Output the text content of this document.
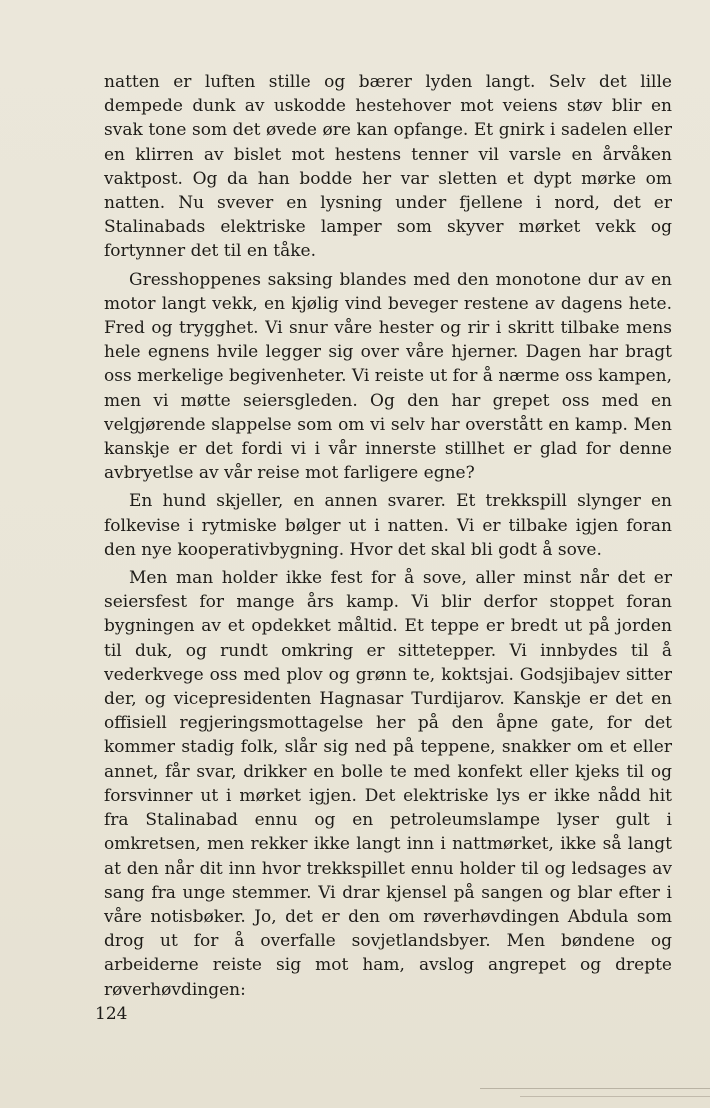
natten er luften stille og bærer lyden langt. Selv det lille dempede dunk av uskodde hestehover mot veiens støv blir en svak tone som det øvede øre kan opfange. Et gnirk i sadelen eller en klirren av bislet mot hestens tenner vil varsle en årvåken vaktpost. Og da han bodde her var sletten et dypt mørke om natten. Nu svever en lysning under fjellene i nord, det er Stalinabads elektriske lamper som skyver mørket vekk og fortynner det til en tåke.

Gresshoppenes saksing blandes med den monotone dur av en motor langt vekk, en kjølig vind beveger restene av dagens hete. Fred og trygghet. Vi snur våre hester og rir i skritt tilbake mens hele egnens hvile legger sig over våre hjerner. Dagen har bragt oss merkelige begivenheter. Vi reiste ut for å nærme oss kampen, men vi møtte seiersgleden. Og den har grepet oss med en velgjørende slappelse som om vi selv har overstått en kamp. Men kanskje er det fordi vi i vår innerste stillhet er glad for denne avbryetlse av vår reise mot farligere egne?

En hund skjeller, en annen svarer. Et trekkspill slynger en folkevise i rytmiske bølger ut i natten. Vi er tilbake igjen foran den nye kooperativbygning. Hvor det skal bli godt å sove.

Men man holder ikke fest for å sove, aller minst når det er seiersfest for mange års kamp. Vi blir derfor stoppet foran bygningen av et opdekket måltid. Et teppe er bredt ut på jorden til duk, og rundt omkring er sittetepper. Vi innbydes til å vederkvege oss med plov og grønn te, koktsjai. Godsjibajev sitter der, og vicepresidenten Hagnasar Turdijarov. Kanskje er det en offisiell regjeringsmottagelse her på den åpne gate, for det kommer stadig folk, slår sig ned på teppene, snakker om et eller annet, får svar, drikker en bolle te med konfekt eller kjeks til og forsvinner ut i mørket igjen. Det elektriske lys er ikke nådd hit fra Stalinabad ennu og en petroleumslampe lyser gult i omkretsen, men rekker ikke langt inn i nattmørket, ikke så langt at den når dit inn hvor trekkspillet ennu holder til og ledsages av sang fra unge stemmer. Vi drar kjensel på sangen og blar efter i våre notisbøker. Jo, det er den om røverhøvdingen Abdula som drog ut for å overfalle sovjetlandsbyer. Men bøndene og arbeiderne reiste sig mot ham, avslog angrepet og drepte røverhøvdingen:

124
